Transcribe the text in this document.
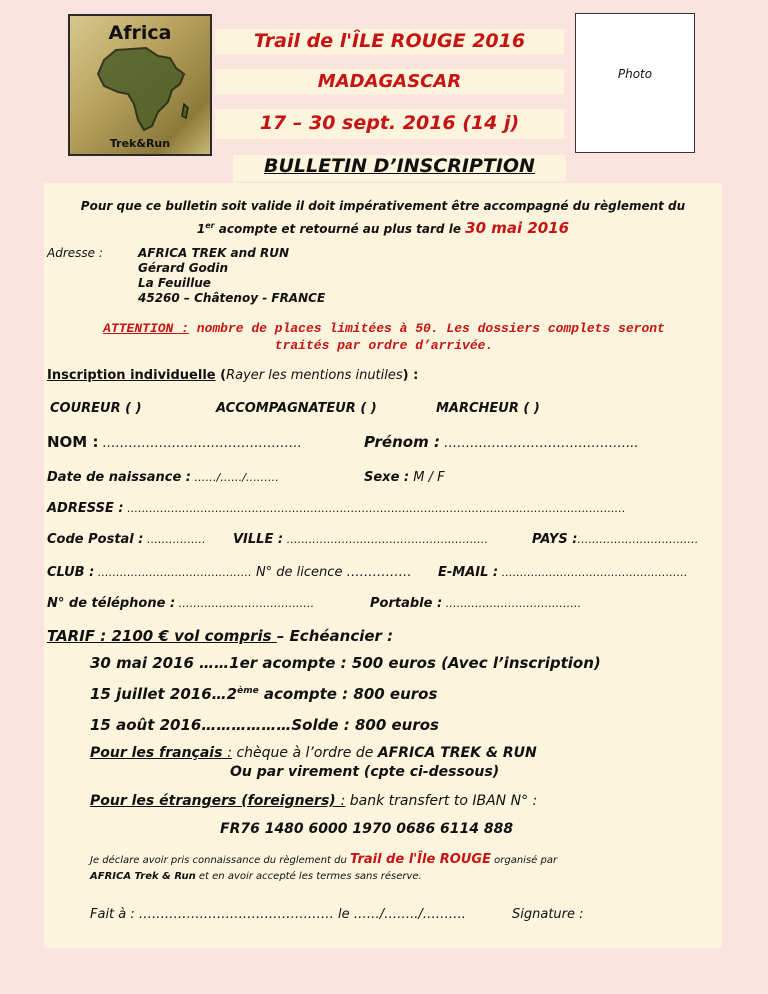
Africa
Trek&Run
Trail de l'ÎLE ROUGE 2016
MADAGASCAR
17 – 30 sept. 2016 (14 j)
Photo
BULLETIN D’INSCRIPTION
Pour que ce bulletin soit valide il doit impérativement être accompagné du règlement du
1er acompte et retourné au plus tard le 30 mai 2016
Adresse :	AFRICA TREK and RUN
Gérard Godin
La Feuillue
45260 – Châtenoy - FRANCE
ATTENTION : nombre de places limitées à 50. Les dossiers complets seront
traités par ordre d’arrivée.
Inscription individuelle (Rayer les mentions inutiles) :
COUREUR ( )	ACCOMPAGNATEUR ( )	MARCHEUR ( )
NOM : ……………………………………….	Prénom : ……………………………………...
Date de naissance : ……/……/………	Sexe : M / F
ADRESSE : …………………………………………………………………………………………………………………….…
Code Postal : ……………. VILLE : ……………………………………….………	PAYS :……………………………
CLUB : …………………………………… N° de licence …………… E-MAIL : ………..………………..………..………
N° de téléphone : ……………………………….	Portable : ……………………………….
TARIF : 2100 € vol compris – Echéancier :
30 mai 2016 ……1er acompte : 500 euros (Avec l’inscription)
15 juillet 2016…2ème acompte : 800 euros
15 août 2016………………Solde : 800 euros
Pour les français : chèque à l’ordre de AFRICA TREK & RUN
Ou par virement (cpte ci-dessous)
Pour les étrangers (foreigners) : bank transfert to IBAN N° :
FR76 1480 6000 1970 0686 6114 888
Je déclare avoir pris connaissance du règlement du Trail de l'Île ROUGE organisé par
AFRICA Trek & Run et en avoir accepté les termes sans réserve.
Fait à : ……………………………………… le ……/……../……….	Signature :
